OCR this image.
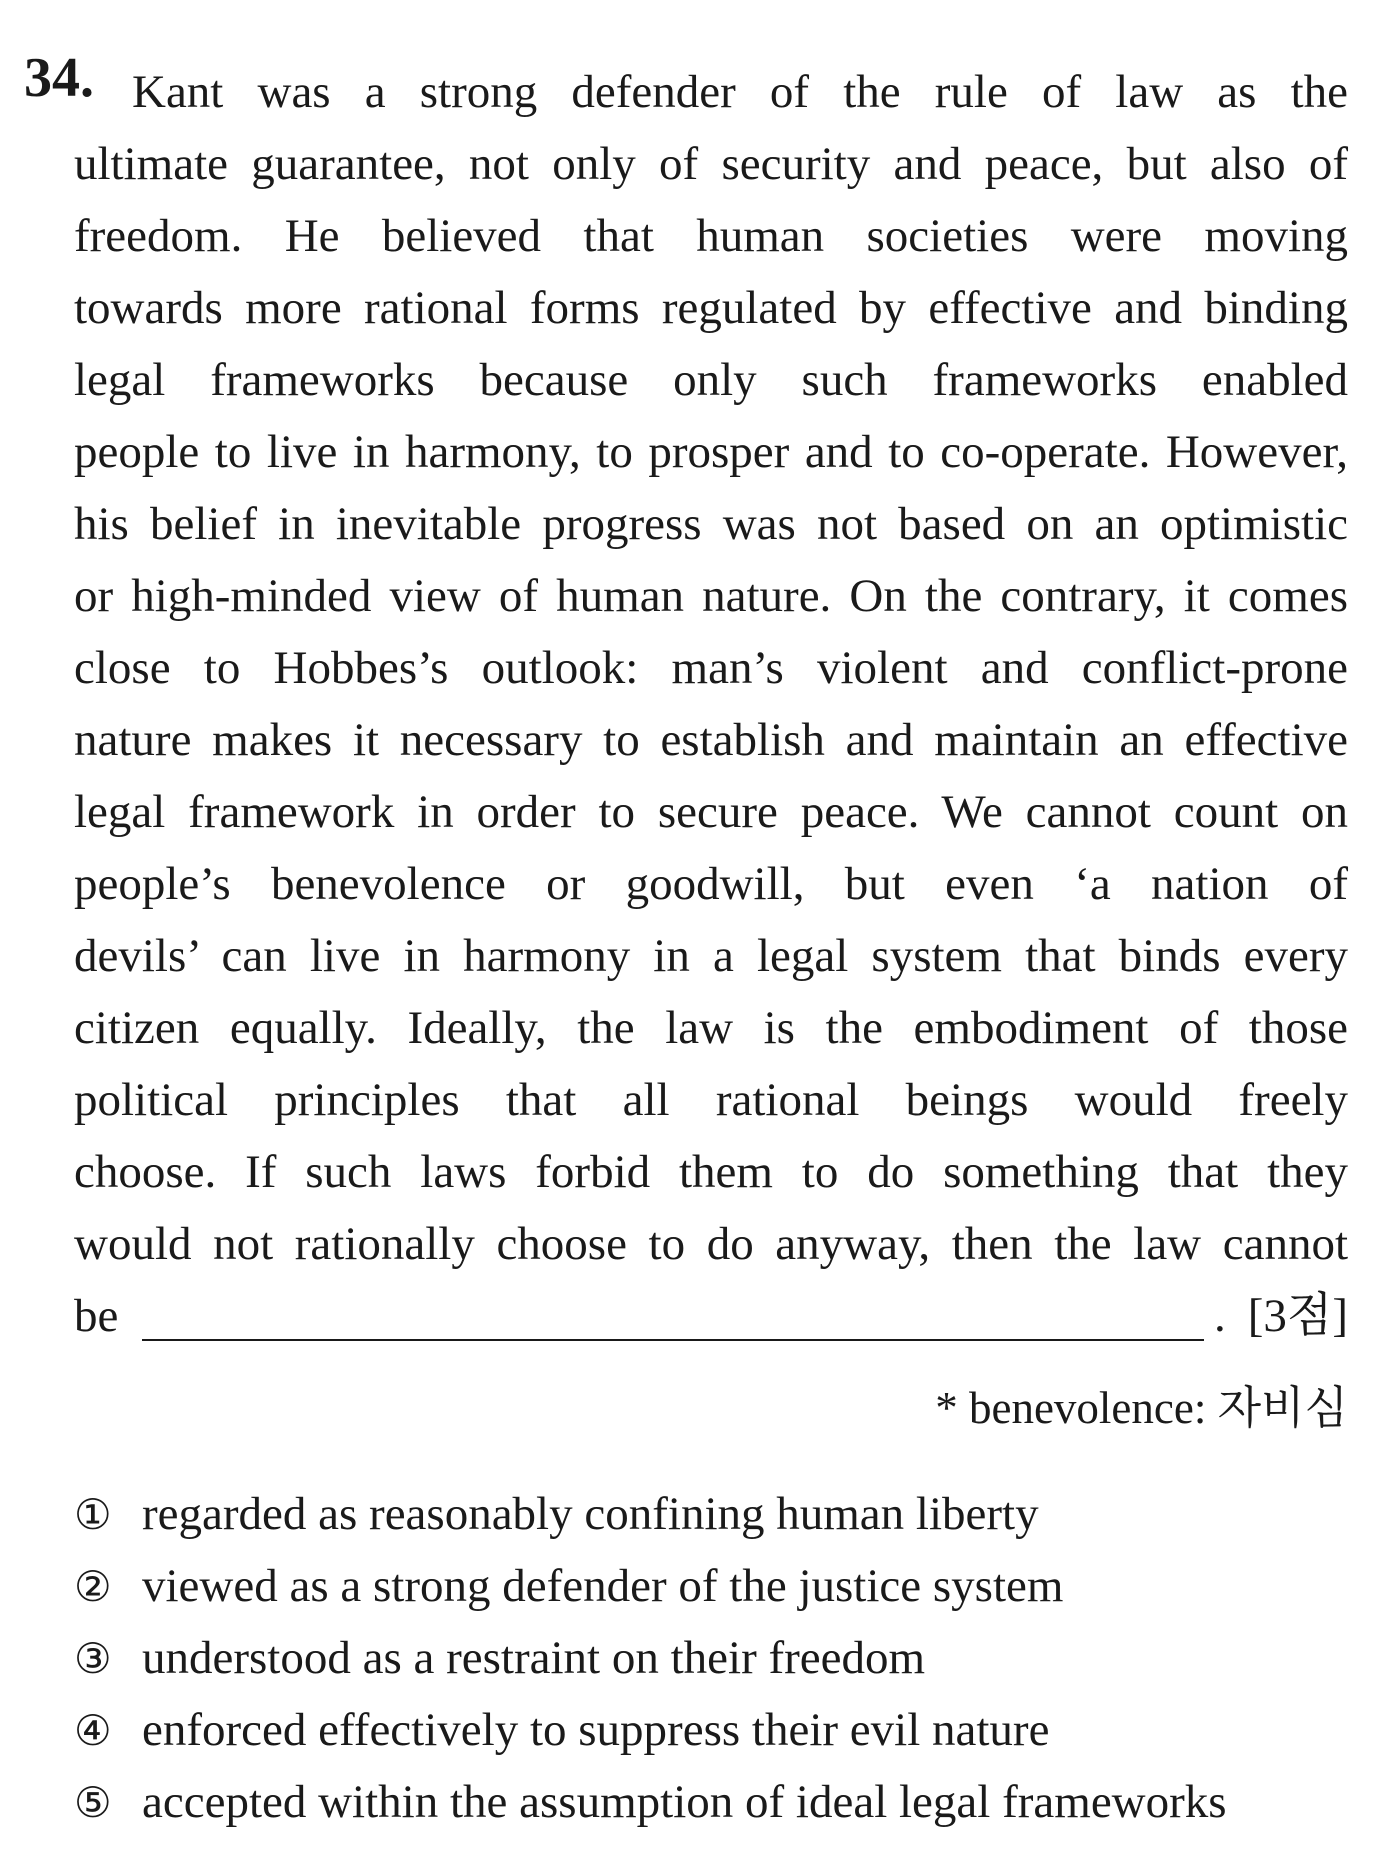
34. Kant was a strong defender of the rule of law as the
ultimate guarantee, not only of security and peace, but also of
freedom. He believed that human societies were moving
towards more rational forms regulated by effective and binding
legal frameworks because only such frameworks enabled
people to live in harmony, to prosper and to co-operate. However,
his belief in inevitable progress was not based on an optimistic
or high-minded view of human nature. On the contrary, it comes
close to Hobbes’s outlook: man’s violent and conflict-prone
nature makes it necessary to establish and maintain an effective
legal framework in order to secure peace. We cannot count on
people’s benevolence or goodwill, but even ‘a nation of
devils’ can live in harmony in a legal system that binds every
citizen equally. Ideally, the law is the embodiment of those
political principles that all rational beings would freely
choose. If such laws forbid them to do something that they
would not rationally choose to do anyway, then the law cannot
be	. [3점]
* benevolence: 자비심
① regarded as reasonably confining human liberty
② viewed as a strong defender of the justice system
③ understood as a restraint on their freedom
④ enforced effectively to suppress their evil nature
⑤ accepted within the assumption of ideal legal frameworks
